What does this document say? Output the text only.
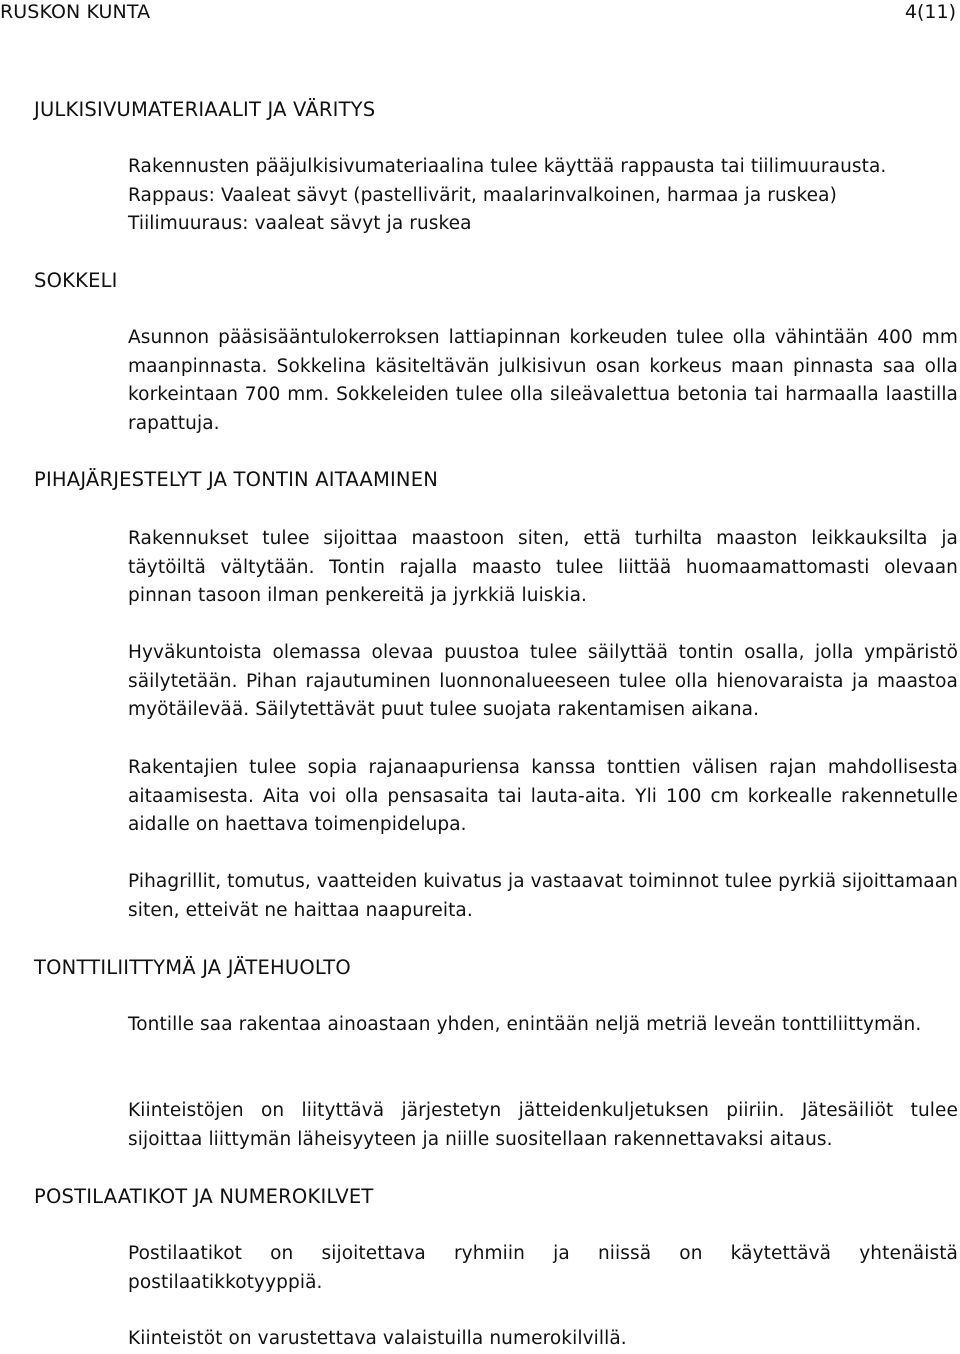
RUSKON KUNTA	4(11)
JULKISIVUMATERIAALIT JA VÄRITYS
Rakennusten pääjulkisivumateriaalina tulee käyttää rappausta tai tiilimuurausta.
Rappaus: Vaaleat sävyt (pastellivärit, maalarinvalkoinen, harmaa ja ruskea)
Tiilimuuraus: vaaleat sävyt ja ruskea
SOKKELI

Asunnon pääsisääntulokerroksen lattiapinnan korkeuden tulee olla vähintään 400 mm maanpinnasta. Sokkelina käsiteltävän julkisivun osan korkeus maan pinnasta saa olla korkeintaan 700 mm. Sokkeleiden tulee olla sileävalettua betonia tai harmaalla laastilla rapattuja.

PIHAJÄRJESTELYT JA TONTIN AITAAMINEN

Rakennukset tulee sijoittaa maastoon siten, että turhilta maaston leikkauksilta ja täytöiltä vältytään. Tontin rajalla maasto tulee liittää huomaamattomasti olevaan pinnan tasoon ilman penkereitä ja jyrkkiä luiskia.

Hyväkuntoista olemassa olevaa puustoa tulee säilyttää tontin osalla, jolla ympäristö säilytetään. Pihan rajautuminen luonnonalueeseen tulee olla hienovaraista ja maastoa myötäilevää. Säilytettävät puut tulee suojata rakentamisen aikana.

Rakentajien tulee sopia rajanaapuriensa kanssa tonttien välisen rajan mahdollisesta aitaamisesta. Aita voi olla pensasaita tai lauta-aita. Yli 100 cm korkealle rakennetulle aidalle on haettava toimenpidelupa.

Pihagrillit, tomutus, vaatteiden kuivatus ja vastaavat toiminnot tulee pyrkiä sijoittamaan siten, etteivät ne haittaa naapureita.

TONTTILIITTYMÄ JA JÄTEHUOLTO

Tontille saa rakentaa ainoastaan yhden, enintään neljä metriä leveän tonttiliittymän.

Kiinteistöjen on liityttävä järjestetyn jätteidenkuljetuksen piiriin. Jätesäiliöt tulee sijoittaa liittymän läheisyyteen ja niille suositellaan rakennettavaksi aitaus.

POSTILAATIKOT JA NUMEROKILVET

Postilaatikot on sijoitettava ryhmiin ja niissä on käytettävä yhtenäistä postilaatikkotyyppiä.

Kiinteistöt on varustettava valaistuilla numerokilvillä.
